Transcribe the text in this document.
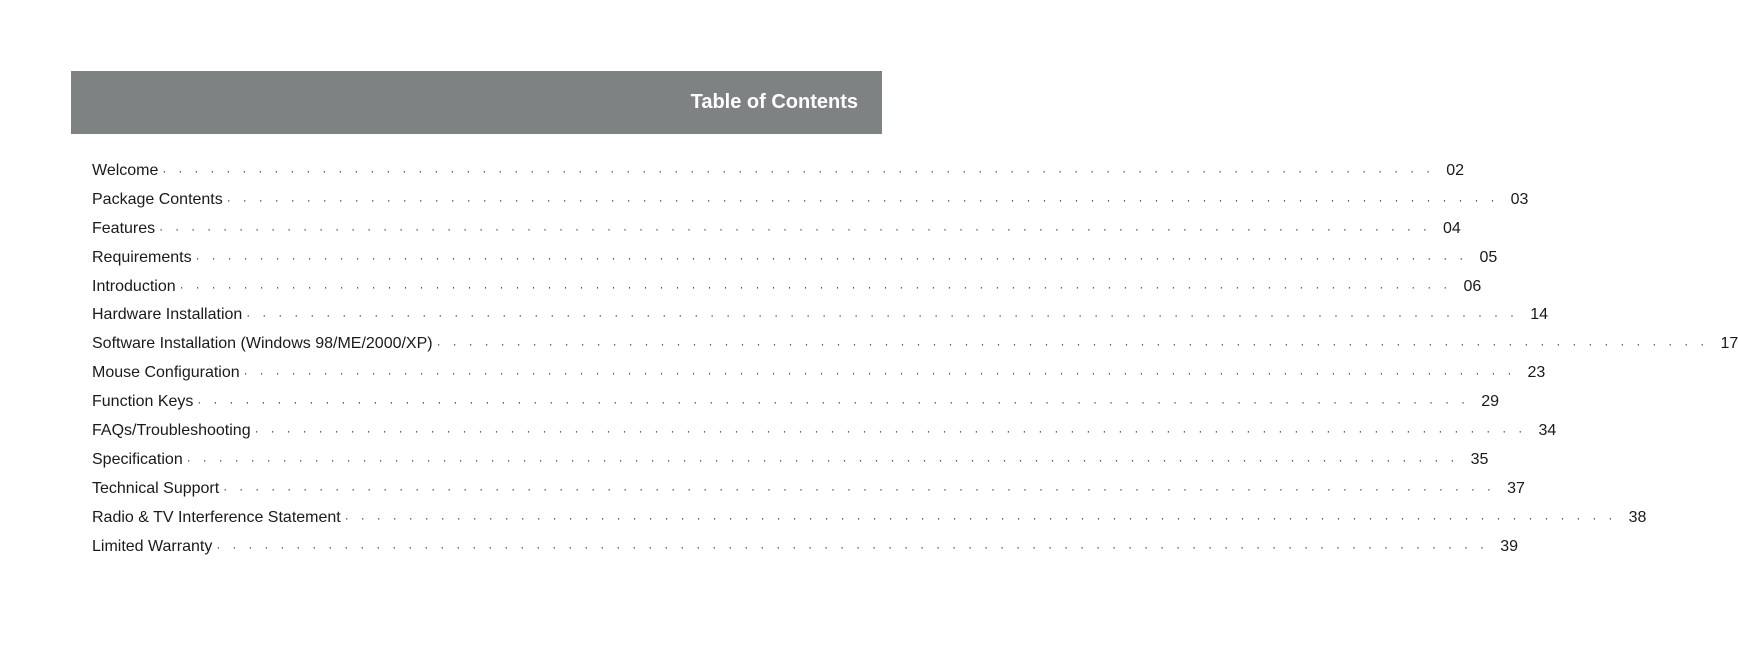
Table of Contents
Welcome ·  ·  ·  ·  ·  ·  ·  ·  ·  ·  ·  ·  ·  ·  ·  ·  ·  ·  ·  ·  ·  ·  ·  ·  ·  ·  ·  ·  ·  ·  ·  ·  ·  ·  ·  ·  ·  ·  ·  ·  ·  ·  ·  ·  ·  ·  ·  ·  ·  ·  ·  ·  ·  ·  ·  ·  ·  ·  ·  ·  ·  ·  ·  ·  ·  ·  ·  ·  ·  ·  ·  ·  ·  ·  ·  ·  ·  ·  ·  · 02
Package Contents ·  ·  ·  ·  ·  ·  ·  ·  ·  ·  ·  ·  ·  ·  ·  ·  ·  ·  ·  ·  ·  ·  ·  ·  ·  ·  ·  ·  ·  ·  ·  ·  ·  ·  ·  ·  ·  ·  ·  ·  ·  ·  ·  ·  ·  ·  ·  ·  ·  ·  ·  ·  ·  ·  ·  ·  ·  ·  ·  ·  ·  ·  ·  ·  ·  ·  ·  ·  ·  ·  ·  ·  ·  ·  ·  ·  ·  ·  ·  · 03
Features ·  ·  ·  ·  ·  ·  ·  ·  ·  ·  ·  ·  ·  ·  ·  ·  ·  ·  ·  ·  ·  ·  ·  ·  ·  ·  ·  ·  ·  ·  ·  ·  ·  ·  ·  ·  ·  ·  ·  ·  ·  ·  ·  ·  ·  ·  ·  ·  ·  ·  ·  ·  ·  ·  ·  ·  ·  ·  ·  ·  ·  ·  ·  ·  ·  ·  ·  ·  ·  ·  ·  ·  ·  ·  ·  ·  ·  ·  ·  · 04
Requirements ·  ·  ·  ·  ·  ·  ·  ·  ·  ·  ·  ·  ·  ·  ·  ·  ·  ·  ·  ·  ·  ·  ·  ·  ·  ·  ·  ·  ·  ·  ·  ·  ·  ·  ·  ·  ·  ·  ·  ·  ·  ·  ·  ·  ·  ·  ·  ·  ·  ·  ·  ·  ·  ·  ·  ·  ·  ·  ·  ·  ·  ·  ·  ·  ·  ·  ·  ·  ·  ·  ·  ·  ·  ·  ·  ·  ·  ·  ·  · 05
Introduction ·  ·  ·  ·  ·  ·  ·  ·  ·  ·  ·  ·  ·  ·  ·  ·  ·  ·  ·  ·  ·  ·  ·  ·  ·  ·  ·  ·  ·  ·  ·  ·  ·  ·  ·  ·  ·  ·  ·  ·  ·  ·  ·  ·  ·  ·  ·  ·  ·  ·  ·  ·  ·  ·  ·  ·  ·  ·  ·  ·  ·  ·  ·  ·  ·  ·  ·  ·  ·  ·  ·  ·  ·  ·  ·  ·  ·  ·  ·  · 06
Hardware Installation ·  ·  ·  ·  ·  ·  ·  ·  ·  ·  ·  ·  ·  ·  ·  ·  ·  ·  ·  ·  ·  ·  ·  ·  ·  ·  ·  ·  ·  ·  ·  ·  ·  ·  ·  ·  ·  ·  ·  ·  ·  ·  ·  ·  ·  ·  ·  ·  ·  ·  ·  ·  ·  ·  ·  ·  ·  ·  ·  ·  ·  ·  ·  ·  ·  ·  ·  ·  ·  ·  ·  ·  ·  ·  ·  ·  ·  ·  ·  · 14
Software Installation (Windows 98/ME/2000/XP) ·  ·  ·  ·  ·  ·  ·  ·  ·  ·  ·  ·  ·  ·  ·  ·  ·  ·  ·  ·  ·  ·  ·  ·  ·  ·  ·  ·  ·  ·  ·  ·  ·  ·  ·  ·  ·  ·  ·  ·  ·  ·  ·  ·  ·  ·  ·  ·  ·  ·  ·  ·  ·  ·  ·  ·  ·  ·  ·  ·  ·  ·  ·  ·  ·  ·  ·  ·  ·  ·  ·  ·  ·  ·  ·  ·  ·  ·  ·  · 17
Mouse Configuration ·  ·  ·  ·  ·  ·  ·  ·  ·  ·  ·  ·  ·  ·  ·  ·  ·  ·  ·  ·  ·  ·  ·  ·  ·  ·  ·  ·  ·  ·  ·  ·  ·  ·  ·  ·  ·  ·  ·  ·  ·  ·  ·  ·  ·  ·  ·  ·  ·  ·  ·  ·  ·  ·  ·  ·  ·  ·  ·  ·  ·  ·  ·  ·  ·  ·  ·  ·  ·  ·  ·  ·  ·  ·  ·  ·  ·  ·  ·  · 23
Function Keys ·  ·  ·  ·  ·  ·  ·  ·  ·  ·  ·  ·  ·  ·  ·  ·  ·  ·  ·  ·  ·  ·  ·  ·  ·  ·  ·  ·  ·  ·  ·  ·  ·  ·  ·  ·  ·  ·  ·  ·  ·  ·  ·  ·  ·  ·  ·  ·  ·  ·  ·  ·  ·  ·  ·  ·  ·  ·  ·  ·  ·  ·  ·  ·  ·  ·  ·  ·  ·  ·  ·  ·  ·  ·  ·  ·  ·  ·  ·  · 29
FAQs/Troubleshooting ·  ·  ·  ·  ·  ·  ·  ·  ·  ·  ·  ·  ·  ·  ·  ·  ·  ·  ·  ·  ·  ·  ·  ·  ·  ·  ·  ·  ·  ·  ·  ·  ·  ·  ·  ·  ·  ·  ·  ·  ·  ·  ·  ·  ·  ·  ·  ·  ·  ·  ·  ·  ·  ·  ·  ·  ·  ·  ·  ·  ·  ·  ·  ·  ·  ·  ·  ·  ·  ·  ·  ·  ·  ·  ·  ·  ·  ·  ·  · 34
Specification ·  ·  ·  ·  ·  ·  ·  ·  ·  ·  ·  ·  ·  ·  ·  ·  ·  ·  ·  ·  ·  ·  ·  ·  ·  ·  ·  ·  ·  ·  ·  ·  ·  ·  ·  ·  ·  ·  ·  ·  ·  ·  ·  ·  ·  ·  ·  ·  ·  ·  ·  ·  ·  ·  ·  ·  ·  ·  ·  ·  ·  ·  ·  ·  ·  ·  ·  ·  ·  ·  ·  ·  ·  ·  ·  ·  ·  ·  ·  · 35
Technical Support ·  ·  ·  ·  ·  ·  ·  ·  ·  ·  ·  ·  ·  ·  ·  ·  ·  ·  ·  ·  ·  ·  ·  ·  ·  ·  ·  ·  ·  ·  ·  ·  ·  ·  ·  ·  ·  ·  ·  ·  ·  ·  ·  ·  ·  ·  ·  ·  ·  ·  ·  ·  ·  ·  ·  ·  ·  ·  ·  ·  ·  ·  ·  ·  ·  ·  ·  ·  ·  ·  ·  ·  ·  ·  ·  ·  ·  ·  ·  · 37
Radio & TV Interference Statement ·  ·  ·  ·  ·  ·  ·  ·  ·  ·  ·  ·  ·  ·  ·  ·  ·  ·  ·  ·  ·  ·  ·  ·  ·  ·  ·  ·  ·  ·  ·  ·  ·  ·  ·  ·  ·  ·  ·  ·  ·  ·  ·  ·  ·  ·  ·  ·  ·  ·  ·  ·  ·  ·  ·  ·  ·  ·  ·  ·  ·  ·  ·  ·  ·  ·  ·  ·  ·  ·  ·  ·  ·  ·  ·  ·  ·  ·  ·  · 38
Limited Warranty ·  ·  ·  ·  ·  ·  ·  ·  ·  ·  ·  ·  ·  ·  ·  ·  ·  ·  ·  ·  ·  ·  ·  ·  ·  ·  ·  ·  ·  ·  ·  ·  ·  ·  ·  ·  ·  ·  ·  ·  ·  ·  ·  ·  ·  ·  ·  ·  ·  ·  ·  ·  ·  ·  ·  ·  ·  ·  ·  ·  ·  ·  ·  ·  ·  ·  ·  ·  ·  ·  ·  ·  ·  ·  ·  ·  ·  ·  ·  · 39
